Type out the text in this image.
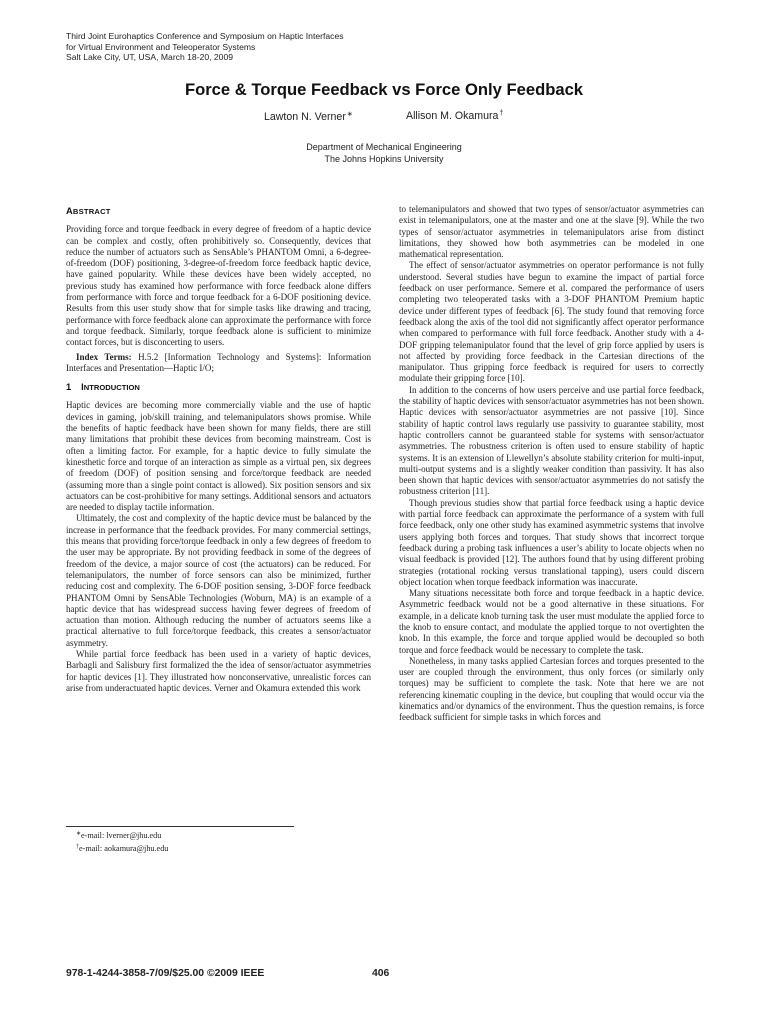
Third Joint Eurohaptics Conference and Symposium on Haptic Interfaces
for Virtual Environment and Teleoperator Systems
Salt Lake City, UT, USA, March 18-20, 2009
Force & Torque Feedback vs Force Only Feedback
Lawton N. Verner∗	Allison M. Okamura†
Department of Mechanical Engineering
The Johns Hopkins University
ABSTRACT

Providing force and torque feedback in every degree of freedom of a haptic device can be complex and costly, often prohibitively so. Consequently, devices that reduce the number of actuators such as SensAble’s PHANTOM Omni, a 6-degree-of-freedom (DOF) positioning, 3-degree-of-freedom force feedback haptic device, have gained popularity. While these devices have been widely accepted, no previous study has examined how performance with force feedback alone differs from performance with force and torque feedback for a 6-DOF positioning device. Results from this user study show that for simple tasks like drawing and tracing, performance with force feedback alone can approximate the performance with force and torque feedback. Similarly, torque feedback alone is sufficient to minimize contact forces, but is disconcerting to users.

Index Terms: H.5.2 [Information Technology and Systems]: Information Interfaces and Presentation—Haptic I/O;

1 INTRODUCTION

Haptic devices are becoming more commercially viable and the use of haptic devices in gaming, job/skill training, and telemanipulators shows promise. While the benefits of haptic feedback have been shown for many fields, there are still many limitations that prohibit these devices from becoming mainstream. Cost is often a limiting factor. For example, for a haptic device to fully simulate the kinesthetic force and torque of an interaction as simple as a virtual pen, six degrees of freedom (DOF) of position sensing and force/torque feedback are needed (assuming more than a single point contact is allowed). Six position sensors and six actuators can be cost-prohibitive for many settings. Additional sensors and actuators are needed to display tactile information.

Ultimately, the cost and complexity of the haptic device must be balanced by the increase in performance that the feedback provides. For many commercial settings, this means that providing force/torque feedback in only a few degrees of freedom to the user may be appropriate. By not providing feedback in some of the degrees of freedom of the device, a major source of cost (the actuators) can be reduced. For telemanipulators, the number of force sensors can also be minimized, further reducing cost and complexity. The 6-DOF position sensing, 3-DOF force feedback PHANTOM Omni by SensAble Technologies (Woburn, MA) is an example of a haptic device that has widespread success having fewer degrees of freedom of actuation than motion. Although reducing the number of actuators seems like a practical alternative to full force/torque feedback, this creates a sensor/actuator asymmetry.

While partial force feedback has been used in a variety of haptic devices, Barbagli and Salisbury first formalized the the idea of sensor/actuator asymmetries for haptic devices [1]. They illustrated how nonconservative, unrealistic forces can arise from underactuated haptic devices. Verner and Okamura extended this work

∗e-mail: lverner@jhu.edu
†e-mail: aokamura@jhu.edu

to telemanipulators and showed that two types of sensor/actuator asymmetries can exist in telemanipulators, one at the master and one at the slave [9]. While the two types of sensor/actuator asymmetries in telemanipulators arise from distinct limitations, they showed how both asymmetries can be modeled in one mathematical representation.

The effect of sensor/actuator asymmetries on operator performance is not fully understood. Several studies have begun to examine the impact of partial force feedback on user performance. Semere et al. compared the performance of users completing two teleoperated tasks with a 3-DOF PHANTOM Premium haptic device under different types of feedback [6]. The study found that removing force feedback along the axis of the tool did not significantly affect operator performance when compared to performance with full force feedback. Another study with a 4-DOF gripping telemanipulator found that the level of grip force applied by users is not affected by providing force feedback in the Cartesian directions of the manipulator. Thus gripping force feedback is required for users to correctly modulate their gripping force [10].

In addition to the concerns of how users perceive and use partial force feedback, the stability of haptic devices with sensor/actuator asymmetries has not been shown. Haptic devices with sensor/actuator asymmetries are not passive [10]. Since stability of haptic control laws regularly use passivity to guarantee stability, most haptic controllers cannot be guaranteed stable for systems with sensor/actuator asymmetries. The robustness criterion is often used to ensure stability of haptic systems. It is an extension of Llewellyn’s absolute stability criterion for multi-input, multi-output systems and is a slightly weaker condition than passivity. It has also been shown that haptic devices with sensor/actuator asymmetries do not satisfy the robustness criterion [11].

Though previous studies show that partial force feedback using a haptic device with partial force feedback can approximate the performance of a system with full force feedback, only one other study has examined asymmetric systems that involve users applying both forces and torques. That study shows that incorrect torque feedback during a probing task influences a user’s ability to locate objects when no visual feedback is provided [12]. The authors found that by using different probing strategies (rotational rocking versus translational tapping), users could discern object location when torque feedback information was inaccurate.

Many situations necessitate both force and torque feedback in a haptic device. Asymmetric feedback would not be a good alternative in these situations. For example, in a delicate knob turning task the user must modulate the applied force to the knob to ensure contact, and modulate the applied torque to not overtighten the knob. In this example, the force and torque applied would be decoupled so both torque and force feedback would be necessary to complete the task.

Nonetheless, in many tasks applied Cartesian forces and torques presented to the user are coupled through the environment, thus only forces (or similarly only torques) may be sufficient to complete the task. Note that here we are not referencing kinematic coupling in the device, but coupling that would occur via the kinematics and/or dynamics of the environment. Thus the question remains, is force feedback sufficient for simple tasks in which forces and

978-1-4244-3858-7/09/$25.00 ©2009 IEEE	406
